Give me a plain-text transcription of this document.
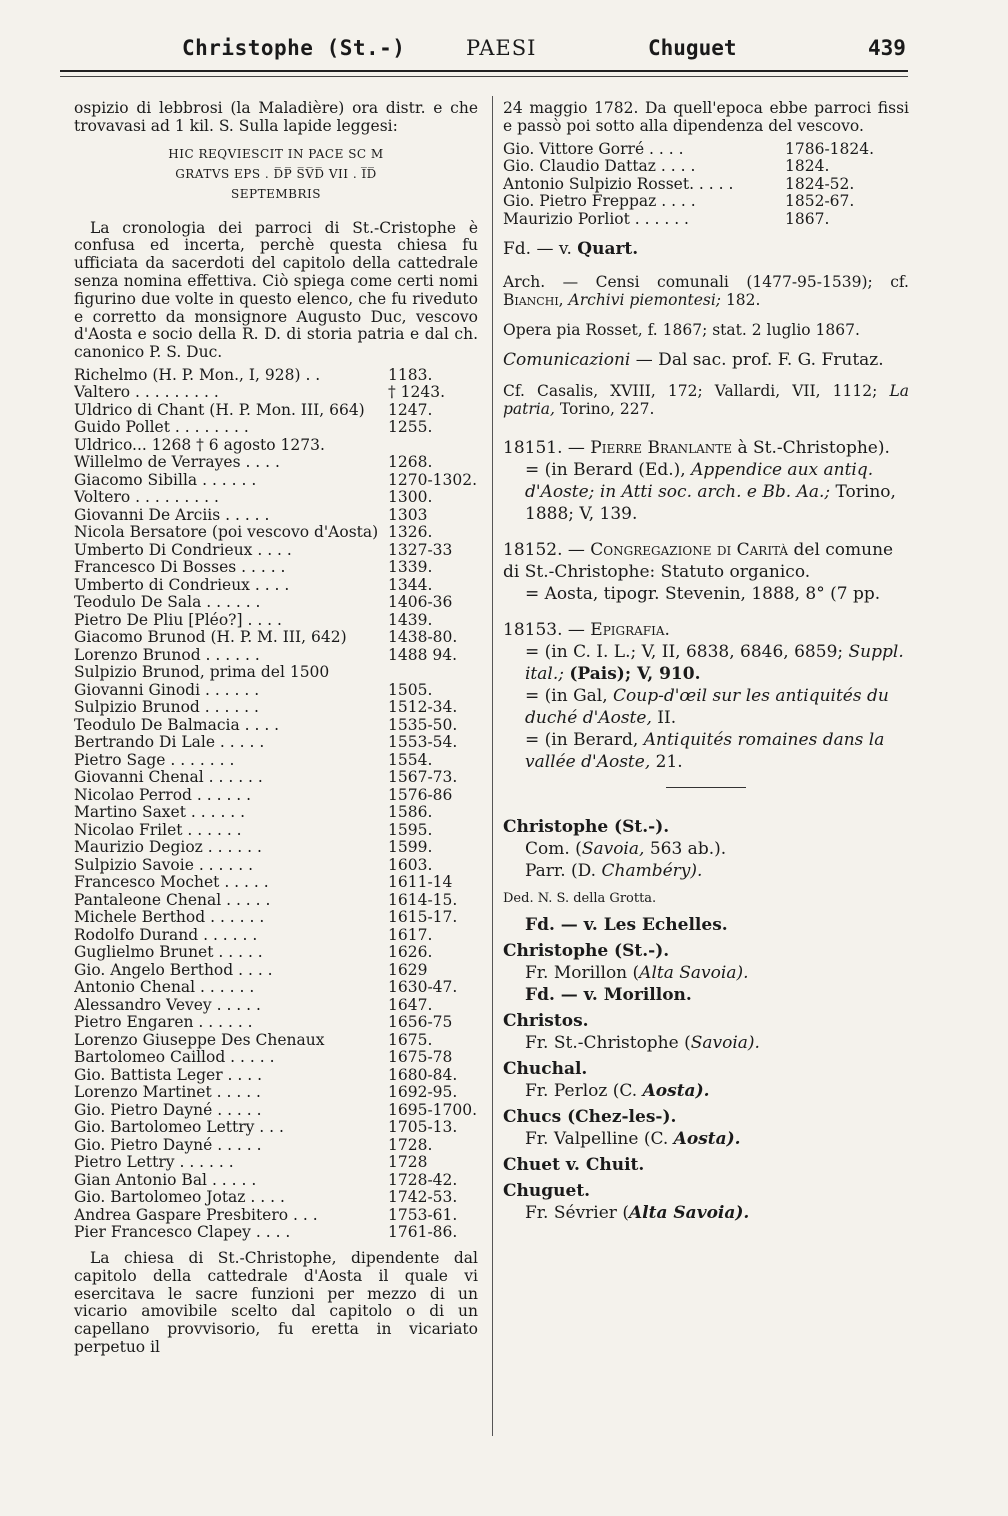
Christophe (St.-)	PAESI	Chuguet	439

ospizio di lebbrosi (la Maladière) ora distr. e che trovavasi ad 1 kil. S. Sulla lapide leggesi:

HIC REQVIESCIT IN PACE SC M
GRATVS EPS . D̅P̅ S̅V̅D̅ VII . I̅D̅
SEPTEMBRIS

La cronologia dei parroci di St.-Cristophe è confusa ed incerta, perchè questa chiesa fu ufficiata da sacerdoti del capitolo della cattedrale senza nomina effettiva. Ciò spiega come certi nomi figurino due volte in questo elenco, che fu riveduto e corretto da monsignore Augusto Duc, vescovo d'Aosta e socio della R. D. di storia patria e dal ch. canonico P. S. Duc.

Richelmo (H. P. Mon., I, 928) . .	1183.
Valtero . . . . . . . . .	† 1243.
Uldrico di Chant (H. P. Mon. III, 664)	1247.
Guido Pollet . . . . . . . .	1255.
Uldrico... 1268 † 6 agosto 1273.	
Willelmo de Verrayes . . . .	1268.
Giacomo Sibilla . . . . . .	1270-1302.
Voltero . . . . . . . . .	1300.
Giovanni De Arciis . . . . .	1303
Nicola Bersatore (poi vescovo d'Aosta)	1326.
Umberto Di Condrieux . . . .	1327-33
Francesco Di Bosses . . . . .	1339.
Umberto di Condrieux . . . .	1344.
Teodulo De Sala . . . . . .	1406-36
Pietro De Pliu [Pléo?] . . . .	1439.
Giacomo Brunod (H. P. M. III, 642)	1438-80.
Lorenzo Brunod . . . . . .	1488 94.
Sulpizio Brunod, prima del 1500	
Giovanni Ginodi . . . . . .	1505.
Sulpizio Brunod . . . . . .	1512-34.
Teodulo De Balmacia . . . .	1535-50.
Bertrando Di Lale . . . . .	1553-54.
Pietro Sage . . . . . . .	1554.
Giovanni Chenal . . . . . .	1567-73.
Nicolao Perrod . . . . . .	1576-86
Martino Saxet . . . . . .	1586.
Nicolao Frilet . . . . . .	1595.
Maurizio Degioz . . . . . .	1599.
Sulpizio Savoie . . . . . .	1603.
Francesco Mochet . . . . .	1611-14
Pantaleone Chenal . . . . .	1614-15.
Michele Berthod . . . . . .	1615-17.
Rodolfo Durand . . . . . .	1617.
Guglielmo Brunet . . . . .	1626.
Gio. Angelo Berthod . . . .	1629
Antonio Chenal . . . . . .	1630-47.
Alessandro Vevey . . . . .	1647.
Pietro Engaren . . . . . .	1656-75
Lorenzo Giuseppe Des Chenaux	1675.
Bartolomeo Caillod . . . . .	1675-78
Gio. Battista Leger . . . .	1680-84.
Lorenzo Martinet . . . . .	1692-95.
Gio. Pietro Dayné . . . . .	1695-1700.
Gio. Bartolomeo Lettry . . .	1705-13.
Gio. Pietro Dayné . . . . .	1728.
Pietro Lettry . . . . . .	1728
Gian Antonio Bal . . . . .	1728-42.
Gio. Bartolomeo Jotaz . . . .	1742-53.
Andrea Gaspare Presbitero . . .	1753-61.
Pier Francesco Clapey . . . .	1761-86.

La chiesa di St.-Christophe, dipendente dal capitolo della cattedrale d'Aosta il quale vi esercitava le sacre funzioni per mezzo di un vicario amovibile scelto dal capitolo o di un capellano provvisorio, fu eretta in vicariato perpetuo il

24 maggio 1782. Da quell'epoca ebbe parroci fissi e passò poi sotto alla dipendenza del vescovo.

Gio. Vittore Gorré . . . .	1786-1824.
Gio. Claudio Dattaz . . . .	1824.
Antonio Sulpizio Rosset. . . . .	1824-52.
Gio. Pietro Freppaz . . . .	1852-67.
Maurizio Porliot . . . . . .	1867.
Fd. — v. Quart.

Arch. — Censi comunali (1477-95-1539); cf. Bianchi, Archivi piemontesi; 182.

Opera pia Rosset, f. 1867; stat. 2 luglio 1867.

Comunicazioni — Dal sac. prof. F. G. Frutaz.

Cf. Casalis, XVIII, 172; Vallardi, VII, 1112; La patria, Torino, 227.

18151. — Pierre Branlante à St.-Christophe).
= (in Berard (Ed.), Appendice aux antiq. d'Aoste; in Atti soc. arch. e Bb. Aa.; Torino, 1888; V, 139.
18152. — Congregazione di Carità del comune di St.-Christophe: Statuto organico.
= Aosta, tipogr. Stevenin, 1888, 8° (7 pp.
18153. — Epigrafia.
= (in C. I. L.; V, II, 6838, 6846, 6859; Suppl. ital.; (Pais); V, 910.
= (in Gal, Coup-d'œil sur les antiquités du duché d'Aoste, II.
= (in Berard, Antiquités romaines dans la vallée d'Aoste, 21.
Christophe (St.-).
Com. (Savoia, 563 ab.).
Parr. (D. Chambéry).
Ded. N. S. della Grotta.
Fd. — v. Les Echelles.
Christophe (St.-).
Fr. Morillon (Alta Savoia).
Fd. — v. Morillon.
Christos.
Fr. St.-Christophe (Savoia).
Chuchal.
Fr. Perloz (C. Aosta).
Chucs (Chez-les-).
Fr. Valpelline (C. Aosta).
Chuet v. Chuit.
Chuguet.
Fr. Sévrier (Alta Savoia).
